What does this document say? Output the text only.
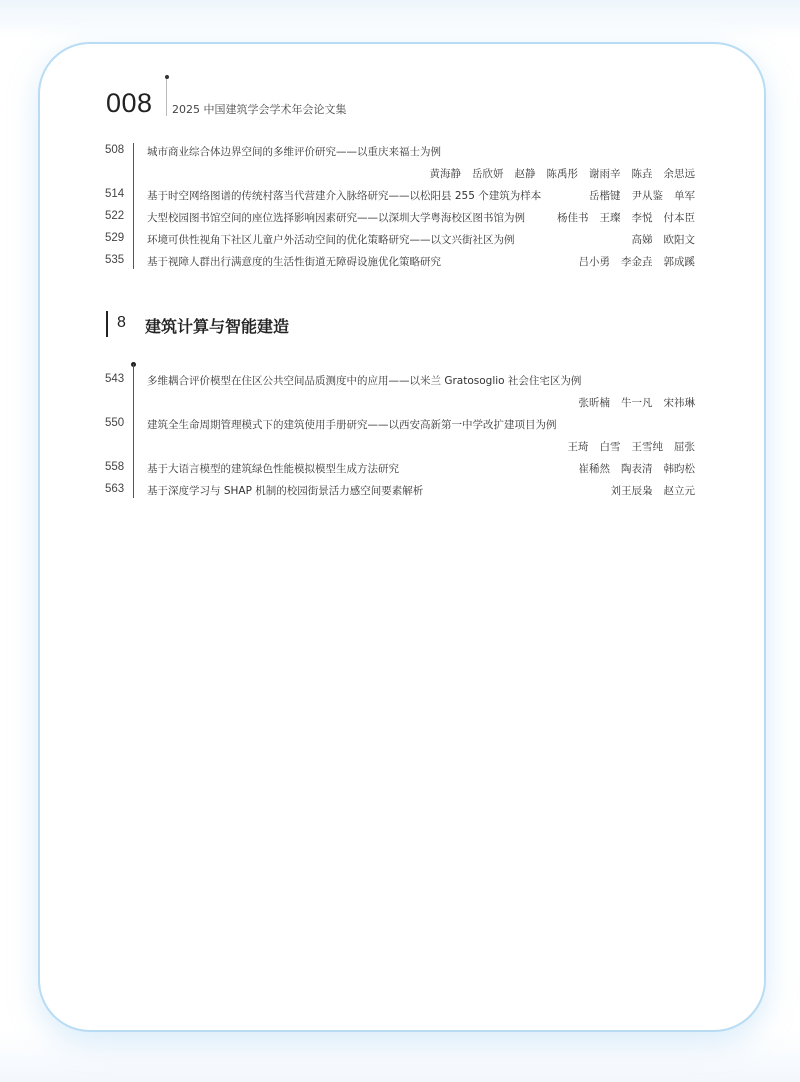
008 2025 中国建筑学会学术年会论文集
508 城市商业综合体边界空间的多维评价研究——以重庆来福士为例
黄海静 岳欣妍 赵静 陈禹彤 谢雨辛 陈垚 余思远
514 基于时空网络图谱的传统村落当代营建介入脉络研究——以松阳县 255 个建筑为样本	岳楷键 尹从鉴 单军
522 大型校园图书馆空间的座位选择影响因素研究——以深圳大学粤海校区图书馆为例	杨佳书 王璨 李悦 付本臣
529 环境可供性视角下社区儿童户外活动空间的优化策略研究——以文兴街社区为例	高娣 欧阳文
535 基于视障人群出行满意度的生活性街道无障碍设施优化策略研究	吕小勇 李金垚 郭成蹊
8 建筑计算与智能建造
543 多维耦合评价模型在住区公共空间品质测度中的应用——以米兰 Gratosoglio 社会住宅区为例
张昕楠 牛一凡 宋祎琳
550 建筑全生命周期管理模式下的建筑使用手册研究——以西安高新第一中学改扩建项目为例
王琦 白雪 王雪纯 屈张
558 基于大语言模型的建筑绿色性能模拟模型生成方法研究	崔稀然 陶表清 韩昀松
563 基于深度学习与 SHAP 机制的校园街景活力感空间要素解析	刘王辰枭 赵立元
